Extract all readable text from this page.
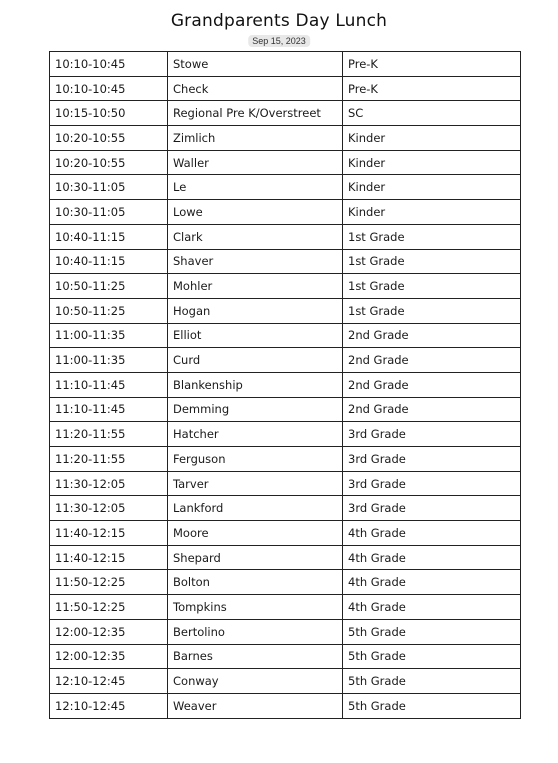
Grandparents Day Lunch
Sep 15, 2023
10:10-10:45	Stowe	Pre-K
10:10-10:45	Check	Pre-K
10:15-10:50	Regional Pre K/Overstreet	SC
10:20-10:55	Zimlich	Kinder
10:20-10:55	Waller	Kinder
10:30-11:05	Le	Kinder
10:30-11:05	Lowe	Kinder
10:40-11:15	Clark	1st Grade
10:40-11:15	Shaver	1st Grade
10:50-11:25	Mohler	1st Grade
10:50-11:25	Hogan	1st Grade
11:00-11:35	Elliot	2nd Grade
11:00-11:35	Curd	2nd Grade
11:10-11:45	Blankenship	2nd Grade
11:10-11:45	Demming	2nd Grade
11:20-11:55	Hatcher	3rd Grade
11:20-11:55	Ferguson	3rd Grade
11:30-12:05	Tarver	3rd Grade
11:30-12:05	Lankford	3rd Grade
11:40-12:15	Moore	4th Grade
11:40-12:15	Shepard	4th Grade
11:50-12:25	Bolton	4th Grade
11:50-12:25	Tompkins	4th Grade
12:00-12:35	Bertolino	5th Grade
12:00-12:35	Barnes	5th Grade
12:10-12:45	Conway	5th Grade
12:10-12:45	Weaver	5th Grade
